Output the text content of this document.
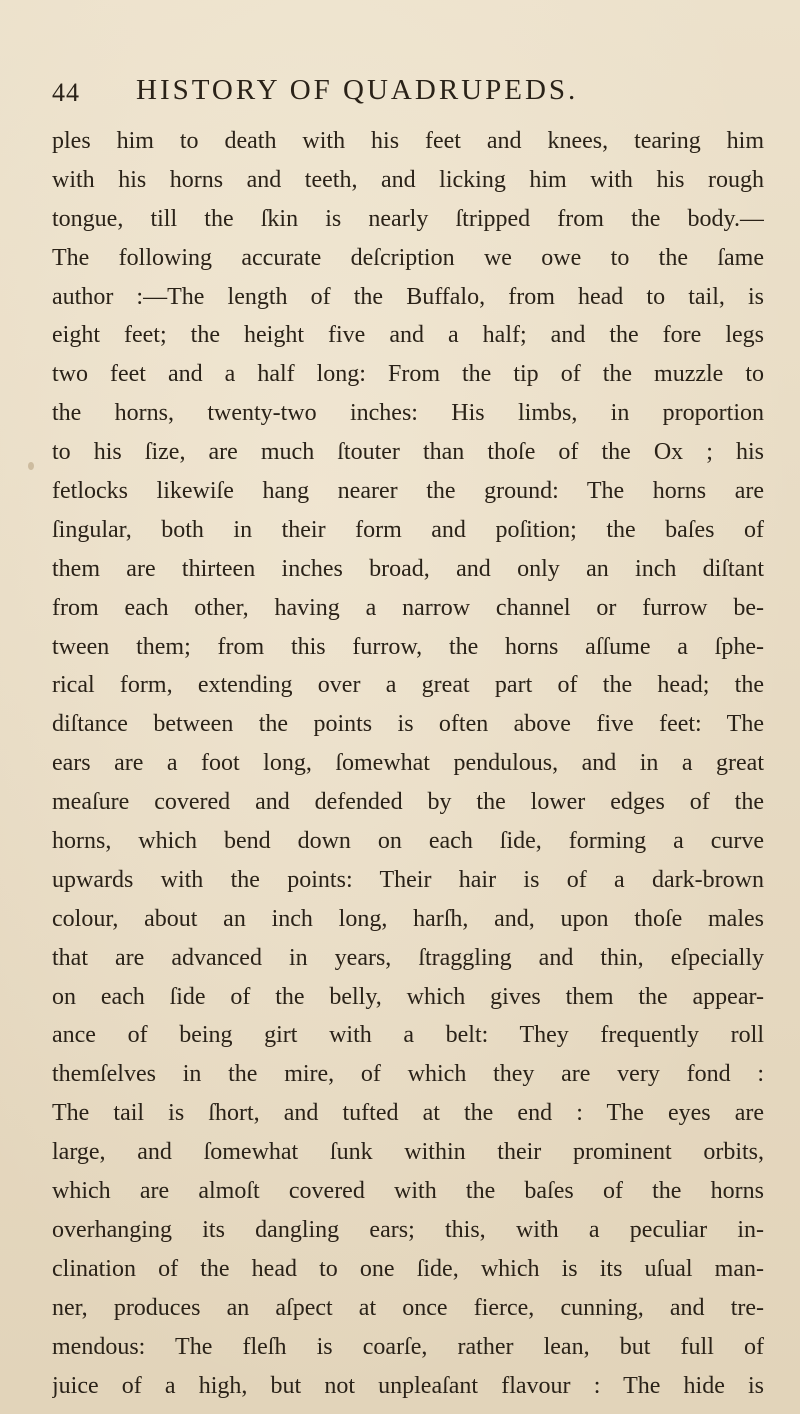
44 HISTORY OF QUADRUPEDS.
ples him to death with his feet and knees, tearing him
with his horns and teeth, and licking him with his rough
tongue, till the ſkin is nearly ſtripped from the body.—
The following accurate deſcription we owe to the ſame
author :—The length of the Buffalo, from head to tail, is
eight feet; the height five and a half; and the fore legs
two feet and a half long: From the tip of the muzzle to
the horns, twenty-two inches: His limbs, in proportion
to his ſize, are much ſtouter than thoſe of the Ox ; his
fetlocks likewiſe hang nearer the ground: The horns are
ſingular, both in their form and poſition; the baſes of
them are thirteen inches broad, and only an inch diſtant
from each other, having a narrow channel or furrow be-
tween them; from this furrow, the horns aſſume a ſphe-
rical form, extending over a great part of the head; the
diſtance between the points is often above five feet: The
ears are a foot long, ſomewhat pendulous, and in a great
meaſure covered and defended by the lower edges of the
horns, which bend down on each ſide, forming a curve
upwards with the points: Their hair is of a dark-brown
colour, about an inch long, harſh, and, upon thoſe males
that are advanced in years, ſtraggling and thin, eſpecially
on each ſide of the belly, which gives them the appear-
ance of being girt with a belt: They frequently roll
themſelves in the mire, of which they are very fond :
The tail is ſhort, and tufted at the end : The eyes are
large, and ſomewhat ſunk within their prominent orbits,
which are almoſt covered with the baſes of the horns
overhanging its dangling ears; this, with a peculiar in-
clination of the head to one ſide, which is its uſual man-
ner, produces an aſpect at once fierce, cunning, and tre-
mendous: The fleſh is coarſe, rather lean, but full of
juice of a high, but not unpleaſant flavour : The hide is
